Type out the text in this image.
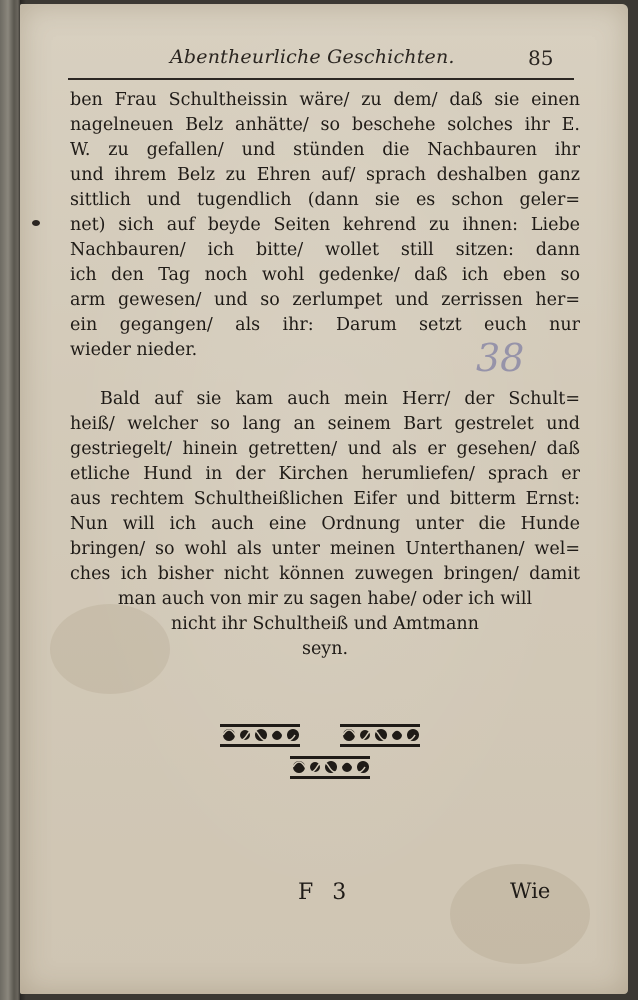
Abentheurliche Geschichten.	85
ben Frau Schultheissin wäre/ zu dem/ daß sie einen
nagelneuen Belz anhätte/ so beschehe solches ihr E.
W. zu gefallen/ und stünden die Nachbauren ihr
und ihrem Belz zu Ehren auf/ sprach deshalben ganz
sittlich und tugendlich (dann sie es schon geler=
net) sich auf beyde Seiten kehrend zu ihnen: Liebe
Nachbauren/ ich bitte/ wollet still sitzen: dann
ich den Tag noch wohl gedenke/ daß ich eben so
arm gewesen/ und so zerlumpet und zerrissen her=
ein gegangen/ als ihr: Darum setzt euch nur
wieder nieder.	38
Bald auf sie kam auch mein Herr/ der Schult=
heiß/ welcher so lang an seinem Bart gestrelet und
gestriegelt/ hinein getretten/ und als er gesehen/ daß
etliche Hund in der Kirchen herumliefen/ sprach er
aus rechtem Schultheißlichen Eifer und bitterm Ernst:
Nun will ich auch eine Ordnung unter die Hunde
bringen/ so wohl als unter meinen Unterthanen/ wel=
ches ich bisher nicht können zuwegen bringen/ damit
man auch von mir zu sagen habe/ oder ich will
nicht ihr Schultheiß und Amtmann
seyn.
F 3	Wie
